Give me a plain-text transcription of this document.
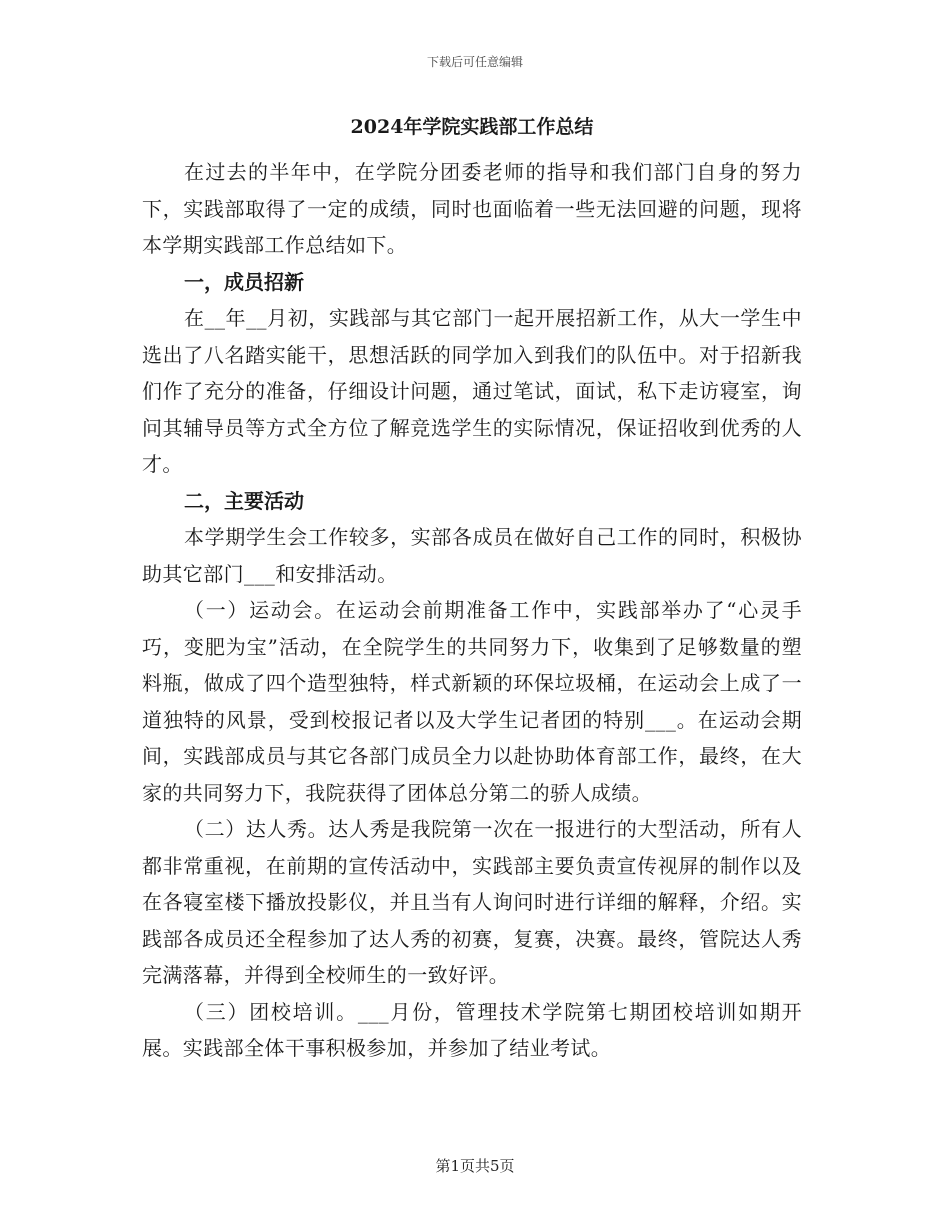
下载后可任意编辑
2024年学院实践部工作总结

在过去的半年中，在学院分团委老师的指导和我们部门自身的努力下，实践部取得了一定的成绩，同时也面临着一些无法回避的问题，现将本学期实践部工作总结如下。

一，成员招新

在__年__月初，实践部与其它部门一起开展招新工作，从大一学生中选出了八名踏实能干，思想活跃的同学加入到我们的队伍中。对于招新我们作了充分的准备，仔细设计问题，通过笔试，面试，私下走访寝室，询问其辅导员等方式全方位了解竞选学生的实际情况，保证招收到优秀的人才。

二，主要活动

本学期学生会工作较多，实部各成员在做好自己工作的同时，积极协助其它部门___和安排活动。

（一）运动会。在运动会前期准备工作中，实践部举办了“心灵手巧，变肥为宝”活动，在全院学生的共同努力下，收集到了足够数量的塑料瓶，做成了四个造型独特，样式新颖的环保垃圾桶，在运动会上成了一道独特的风景，受到校报记者以及大学生记者团的特别___。在运动会期间，实践部成员与其它各部门成员全力以赴协助体育部工作，最终，在大家的共同努力下，我院获得了团体总分第二的骄人成绩。

（二）达人秀。达人秀是我院第一次在一报进行的大型活动，所有人都非常重视，在前期的宣传活动中，实践部主要负责宣传视屏的制作以及在各寝室楼下播放投影仪，并且当有人询问时进行详细的解释，介绍。实践部各成员还全程参加了达人秀的初赛，复赛，决赛。最终，管院达人秀完满落幕，并得到全校师生的一致好评。

（三）团校培训。___月份，管理技术学院第七期团校培训如期开展。实践部全体干事积极参加，并参加了结业考试。

第1页共5页
